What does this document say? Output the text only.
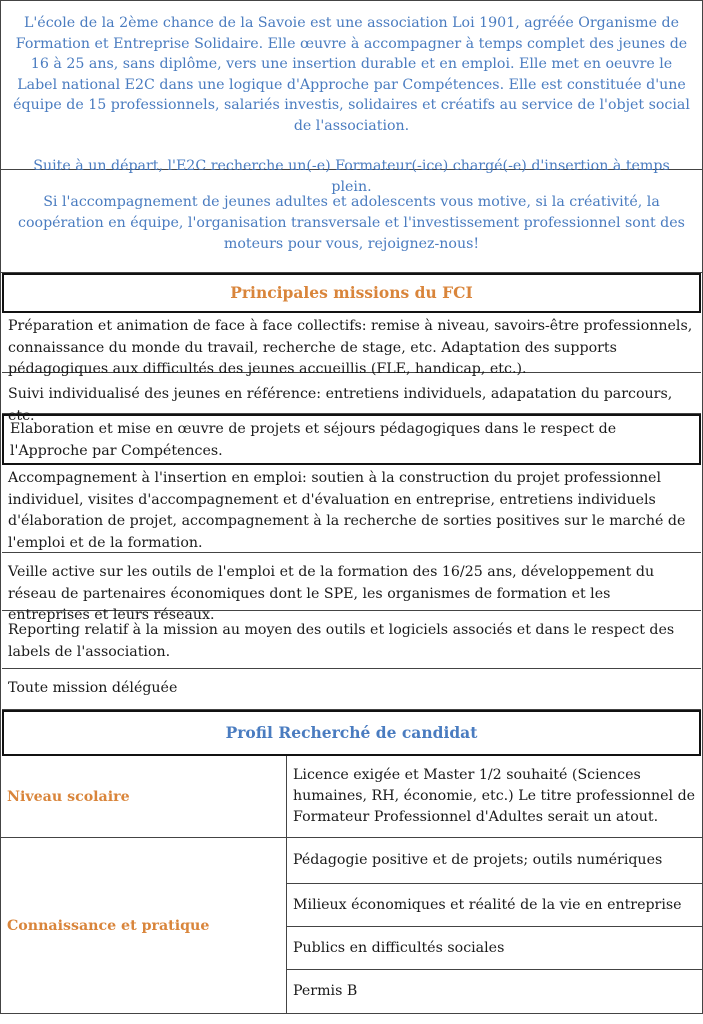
L'école de la 2ème chance de la Savoie est une association Loi 1901, agréée Organisme de Formation et Entreprise Solidaire. Elle œuvre à accompagner à temps complet des jeunes de 16 à 25 ans, sans diplôme, vers une insertion durable et en emploi. Elle met en oeuvre le Label national E2C dans une logique d'Approche par Compétences. Elle est constituée d'une équipe de 15 professionnels, salariés investis, solidaires et créatifs au service de l'objet social de l'association.

Suite à un départ, l'E2C recherche un(-e) Formateur(-ice) chargé(-e) d'insertion à temps plein.

Si l'accompagnement de jeunes adultes et adolescents vous motive, si la créativité, la coopération en équipe, l'organisation transversale et l'investissement professionnel sont des moteurs pour vous, rejoignez-nous!
Principales missions du FCI
Préparation et animation de face à face collectifs: remise à niveau, savoirs-être professionnels, connaissance du monde du travail, recherche de stage, etc. Adaptation des supports pédagogiques aux difficultés des jeunes accueillis (FLE, handicap, etc.).
Suivi individualisé des jeunes en référence: entretiens individuels, adapatation du parcours, etc.
Elaboration et mise en œuvre de projets et séjours pédagogiques dans le respect de l'Approche par Compétences.
Accompagnement à l'insertion en emploi: soutien à la construction du projet professionnel individuel, visites d'accompagnement et d'évaluation en entreprise, entretiens individuels d'élaboration de projet, accompagnement à la recherche de sorties positives sur le marché de l'emploi et de la formation.
Veille active sur les outils de l'emploi et de la formation des 16/25 ans, développement du réseau de partenaires économiques dont le SPE, les organismes de formation et les entreprises et leurs réseaux.
Reporting relatif à la mission au moyen des outils et logiciels associés et dans le respect des labels de l'association.
Toute mission déléguée
Profil Recherché de candidat
Niveau scolaire
Licence exigée et Master 1/2 souhaité (Sciences humaines, RH, économie, etc.) Le titre professionnel de Formateur Professionnel d'Adultes serait un atout.
Connaissance et pratique
Pédagogie positive et de projets; outils numériques
Milieux économiques et réalité de la vie en entreprise
Publics en difficultés sociales
Permis B
